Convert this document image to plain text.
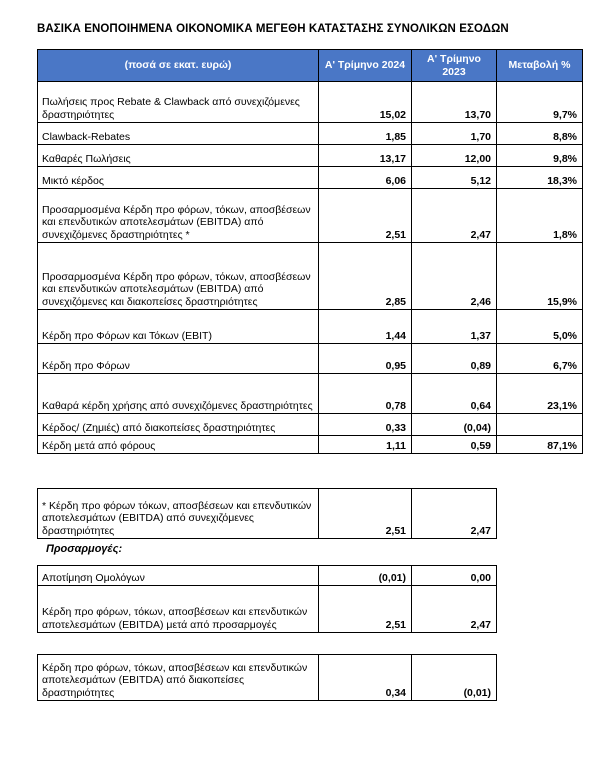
ΒΑΣΙΚΑ ΕΝΟΠΟΙΗΜΕΝΑ ΟΙΚΟΝΟΜΙΚΑ ΜΕΓΕΘΗ ΚΑΤΑΣΤΑΣΗΣ ΣΥΝΟΛΙΚΩΝ ΕΣΟΔΩΝ
(ποσά σε εκατ. ευρώ)	Α' Τρίμηνο 2024	Α' Τρίμηνο 2023	Μεταβολή %
Πωλήσεις προς Rebate & Clawback από συνεχιζόμενες δραστηριότητες	15,02	13,70	9,7%
Clawback-Rebates	1,85	1,70	8,8%
Καθαρές Πωλήσεις	13,17	12,00	9,8%
Μικτό κέρδος	6,06	5,12	18,3%
Προσαρμοσμένα Κέρδη προ φόρων, τόκων, αποσβέσεων και επενδυτικών αποτελεσμάτων (EBITDA) από συνεχιζόμενες δραστηριότητες *	2,51	2,47	1,8%
Προσαρμοσμένα Κέρδη προ φόρων, τόκων, αποσβέσεων και επενδυτικών αποτελεσμάτων (EBITDA) από συνεχιζόμενες και διακοπείσες δραστηριότητες	2,85	2,46	15,9%
Κέρδη προ Φόρων και Τόκων (EBIT)	1,44	1,37	5,0%
Κέρδη προ Φόρων	0,95	0,89	6,7%
Καθαρά κέρδη χρήσης από συνεχιζόμενες δραστηριότητες	0,78	0,64	23,1%
Κέρδος/ (Ζημιές) από διακοπείσες δραστηριότητες	0,33	(0,04)	
Κέρδη μετά από φόρους	1,11	0,59	87,1%
* Κέρδη προ φόρων τόκων, αποσβέσεων και επενδυτικών αποτελεσμάτων (EBITDA) από συνεχιζόμενες δραστηριότητες	2,51	2,47
Προσαρμογές:
Αποτίμηση Ομολόγων	(0,01)	0,00
Κέρδη προ φόρων, τόκων, αποσβέσεων και επενδυτικών αποτελεσμάτων (EBITDA) μετά από προσαρμογές	2,51	2,47
Κέρδη προ φόρων, τόκων, αποσβέσεων και επενδυτικών αποτελεσμάτων (EBITDA) από διακοπείσες δραστηριότητες	0,34	(0,01)
